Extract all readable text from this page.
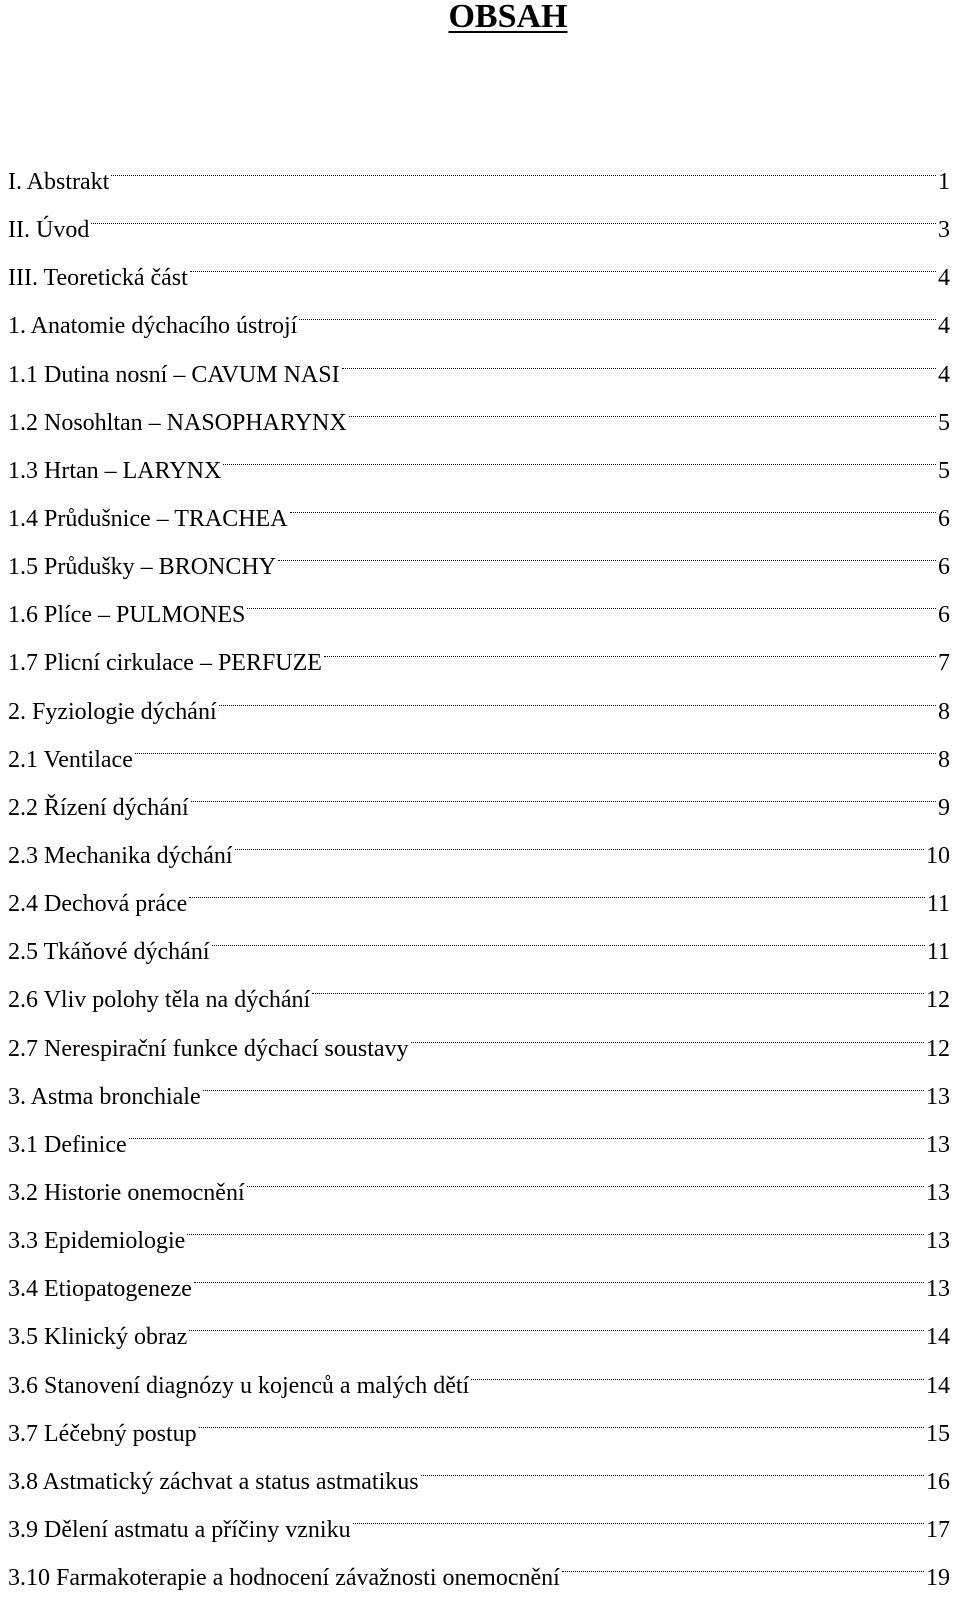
OBSAH
I. Abstrakt	1
II. Úvod	3
III. Teoretická část	4
1. Anatomie dýchacího ústrojí	4
1.1 Dutina nosní – CAVUM NASI	4
1.2 Nosohltan – NASOPHARYNX	5
1.3 Hrtan – LARYNX	5
1.4 Průdušnice – TRACHEA	6
1.5 Průdušky – BRONCHY	6
1.6 Plíce – PULMONES	6
1.7 Plicní cirkulace – PERFUZE	7
2. Fyziologie dýchání	8
2.1 Ventilace	8
2.2 Řízení dýchání	9
2.3 Mechanika dýchání	10
2.4 Dechová práce	11
2.5 Tkáňové dýchání	11
2.6 Vliv polohy těla na dýchání	12
2.7 Nerespirační funkce dýchací soustavy	12
3. Astma bronchiale	13
3.1 Definice	13
3.2 Historie onemocnění	13
3.3 Epidemiologie	13
3.4 Etiopatogeneze	13
3.5 Klinický obraz	14
3.6 Stanovení diagnózy u kojenců a malých dětí	14
3.7 Léčebný postup	15
3.8 Astmatický záchvat a status astmatikus	16
3.9 Dělení astmatu a příčiny vzniku	17
3.10 Farmakoterapie a hodnocení závažnosti onemocnění	19
